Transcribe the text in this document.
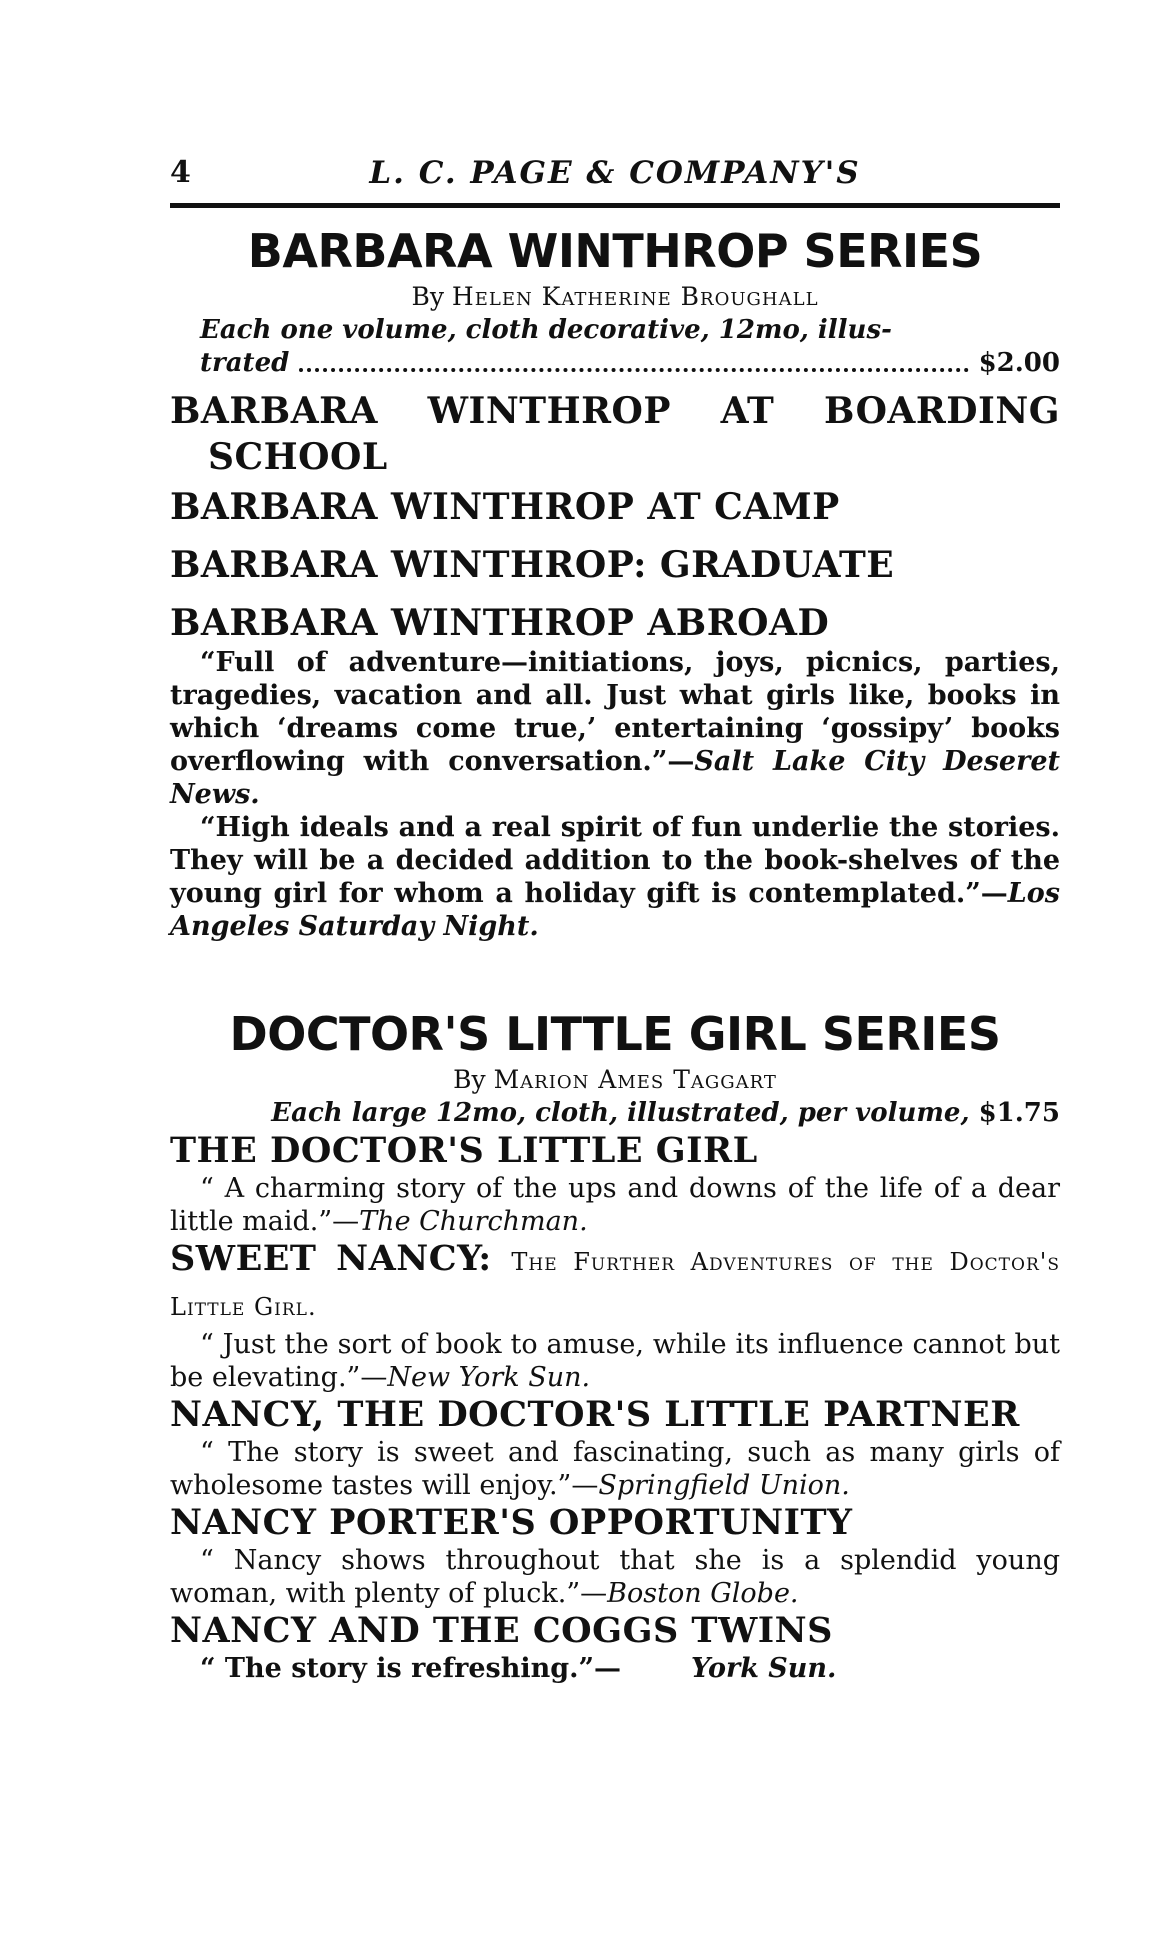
4	L. C. PAGE & COMPANY'S
BARBARA WINTHROP SERIES

By Helen Katherine Broughall

Each one volume, cloth decorative, 12mo, illus-

trated	$2.00

BARBARA WINTHROP AT BOARDING SCHOOL

BARBARA WINTHROP AT CAMP

BARBARA WINTHROP: GRADUATE

BARBARA WINTHROP ABROAD

“Full of adventure—initiations, joys, picnics, parties, tragedies, vacation and all. Just what girls like, books in which ‘dreams come true,’ entertaining ‘gossipy’ books overflowing with conversation.”—Salt Lake City Deseret News.

“High ideals and a real spirit of fun underlie the stories. They will be a decided addition to the book-shelves of the young girl for whom a holiday gift is contemplated.”—Los Angeles Saturday Night.

DOCTOR'S LITTLE GIRL SERIES

By Marion Ames Taggart

Each large 12mo, cloth, illustrated, per volume, $1.75

THE DOCTOR'S LITTLE GIRL

“ A charming story of the ups and downs of the life of a dear little maid.”—The Churchman.

SWEET NANCY: The Further Adventures of the Doctor's Little Girl.

“ Just the sort of book to amuse, while its influence cannot but be elevating.”—New York Sun.

NANCY, THE DOCTOR'S LITTLE PARTNER

“ The story is sweet and fascinating, such as many girls of wholesome tastes will enjoy.”—Springfield Union.

NANCY PORTER'S OPPORTUNITY

“ Nancy shows throughout that she is a splendid young woman, with plenty of pluck.”—Boston Globe.

NANCY AND THE COGGS TWINS

“ The story is refreshing.”—	York Sun.
